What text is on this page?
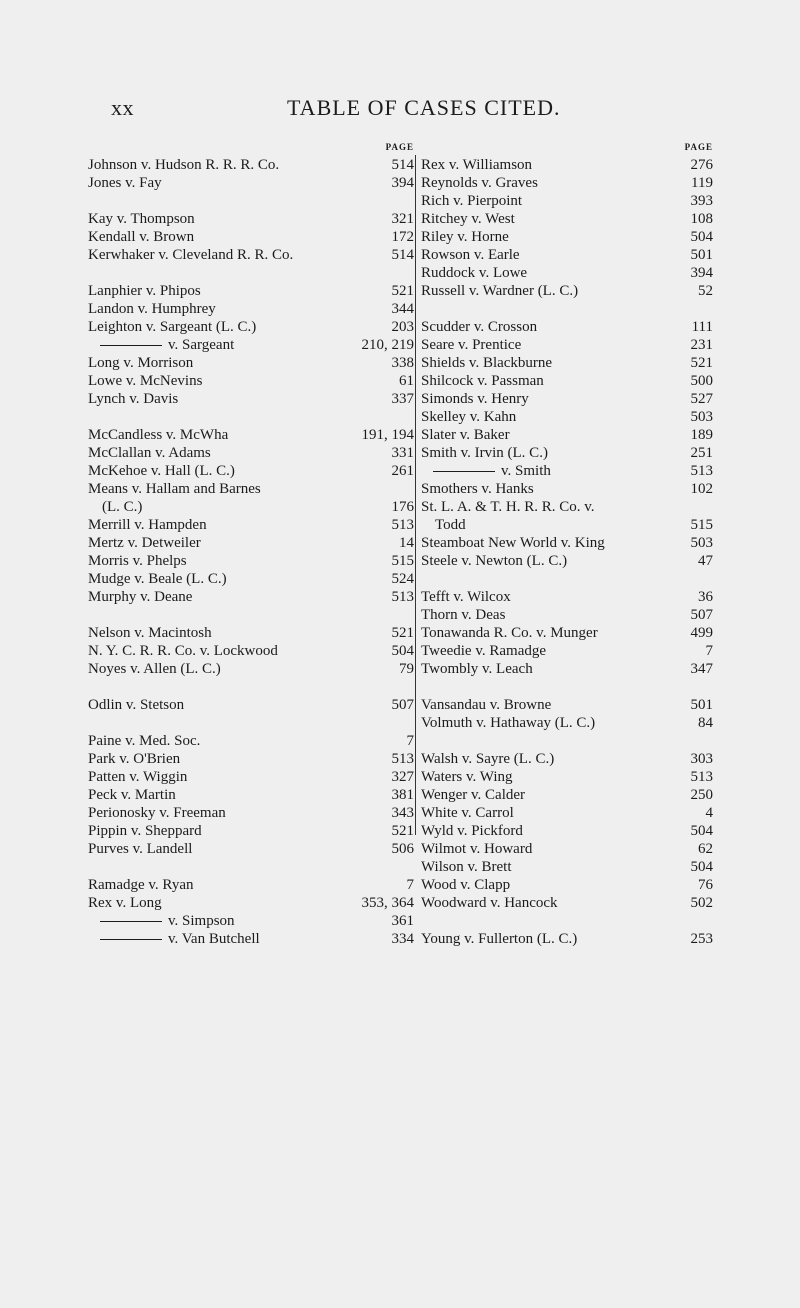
xx	TABLE OF CASES CITED.
PAGE
Johnson v. Hudson R. R. R. Co.	514
Jones v. Fay	394
Kay v. Thompson	321
Kendall v. Brown	172
Kerwhaker v. Cleveland R. R. Co.	514
Lanphier v. Phipos	521
Landon v. Humphrey	344
Leighton v. Sargeant (L. C.)	203
v. Sargeant	210, 219
Long v. Morrison	338
Lowe v. McNevins	61
Lynch v. Davis	337
McCandless v. McWha	191, 194
McClallan v. Adams	331
McKehoe v. Hall (L. C.)	261
Means v. Hallam and Barnes
(L. C.)	176
Merrill v. Hampden	513
Mertz v. Detweiler	14
Morris v. Phelps	515
Mudge v. Beale (L. C.)	524
Murphy v. Deane	513
Nelson v. Macintosh	521
N. Y. C. R. R. Co. v. Lockwood	504
Noyes v. Allen (L. C.)	79
Odlin v. Stetson	507
Paine v. Med. Soc.	7
Park v. O'Brien	513
Patten v. Wiggin	327
Peck v. Martin	381
Perionosky v. Freeman	343
Pippin v. Sheppard	521
Purves v. Landell	506
Ramadge v. Ryan	7
Rex v. Long	353, 364
v. Simpson	361
v. Van Butchell	334
PAGE
Rex v. Williamson	276
Reynolds v. Graves	119
Rich v. Pierpoint	393
Ritchey v. West	108
Riley v. Horne	504
Rowson v. Earle	501
Ruddock v. Lowe	394
Russell v. Wardner (L. C.)	52
Scudder v. Crosson	111
Seare v. Prentice	231
Shields v. Blackburne	521
Shilcock v. Passman	500
Simonds v. Henry	527
Skelley v. Kahn	503
Slater v. Baker	189
Smith v. Irvin (L. C.)	251
v. Smith	513
Smothers v. Hanks	102
St. L. A. & T. H. R. R. Co. v.
Todd	515
Steamboat New World v. King	503
Steele v. Newton (L. C.)	47
Tefft v. Wilcox	36
Thorn v. Deas	507
Tonawanda R. Co. v. Munger	499
Tweedie v. Ramadge	7
Twombly v. Leach	347
Vansandau v. Browne	501
Volmuth v. Hathaway (L. C.)	84
Walsh v. Sayre (L. C.)	303
Waters v. Wing	513
Wenger v. Calder	250
White v. Carrol	4
Wyld v. Pickford	504
Wilmot v. Howard	62
Wilson v. Brett	504
Wood v. Clapp	76
Woodward v. Hancock	502
Young v. Fullerton (L. C.)	253
